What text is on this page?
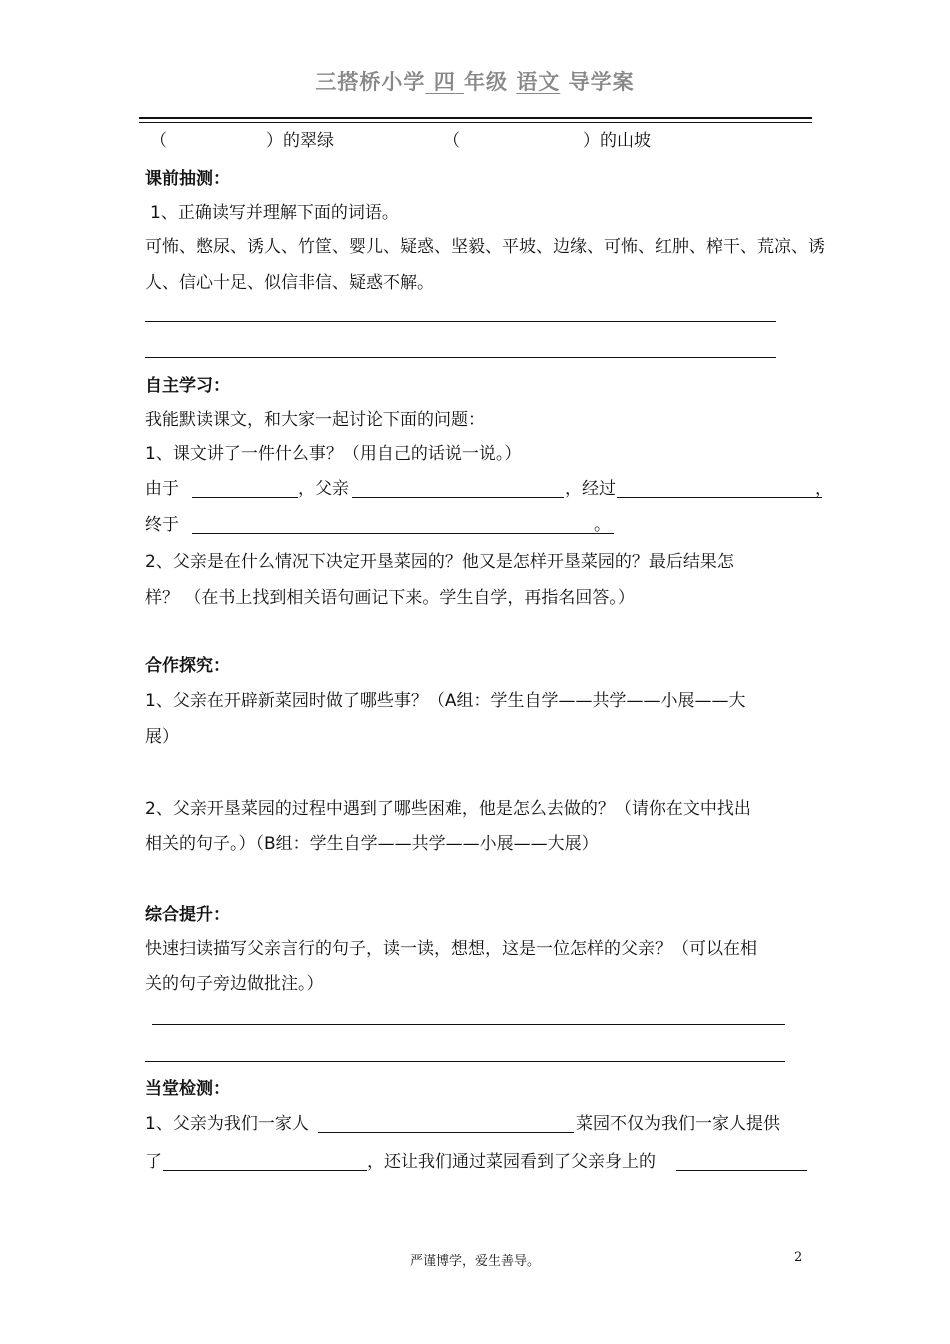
三搭桥小学 四 年级 语文 导学案
（	）的翠绿	（	）的山坡
课前抽测：
1、正确读写并理解下面的词语。
可怖、憋尿、诱人、竹筐、婴儿、疑惑、坚毅、平坡、边缘、可怖、红肿、榨干、荒凉、诱
人、信心十足、似信非信、疑惑不解。
自主学习：
我能默读课文，和大家一起讨论下面的问题：
1、课文讲了一件什么事？（用自己的话说一说。）
由于	，父亲	，经过	，
终于	。
2、父亲是在什么情况下决定开垦菜园的？他又是怎样开垦菜园的？最后结果怎
样？ （在书上找到相关语句画记下来。学生自学，再指名回答。）
合作探究：
1、父亲在开辟新菜园时做了哪些事？（A组：学生自学——共学——小展——大
展）
2、父亲开垦菜园的过程中遇到了哪些困难，他是怎么去做的？（请你在文中找出
相关的句子。）（B组：学生自学——共学——小展——大展）
综合提升：
快速扫读描写父亲言行的句子，读一读，想想，这是一位怎样的父亲？（可以在相
关的句子旁边做批注。）
当堂检测：
1、父亲为我们一家人	菜园不仅为我们一家人提供
了	，还让我们通过菜园看到了父亲身上的
严谨博学，爱生善导。	2
